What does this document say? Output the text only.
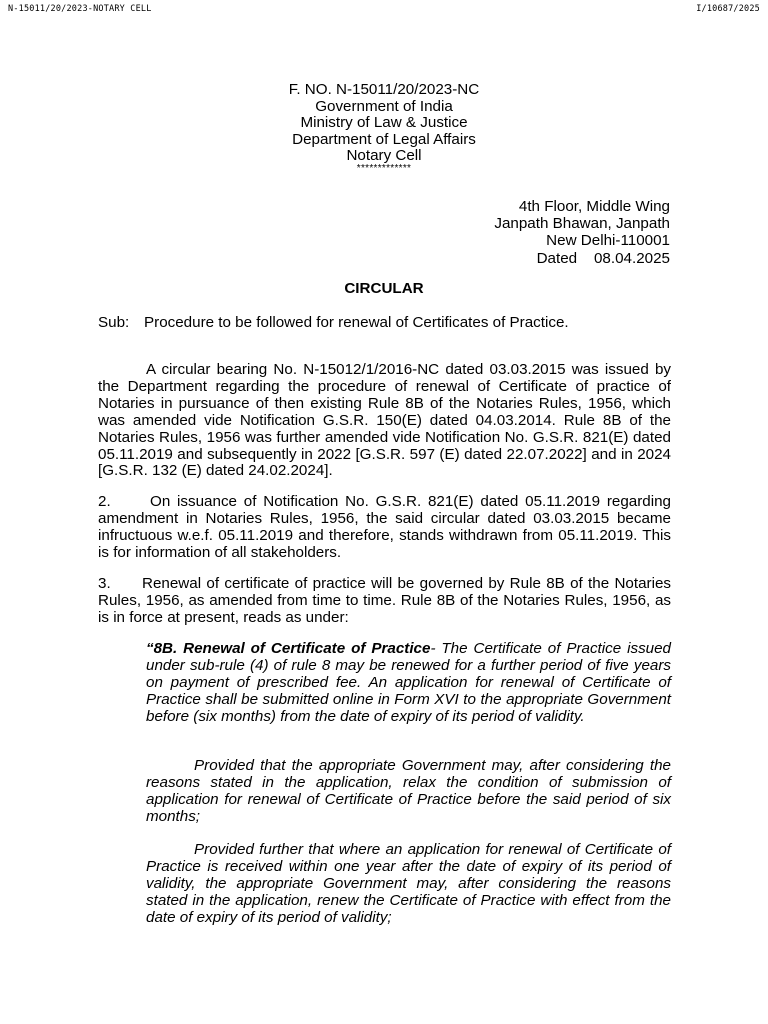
N-15011/20/2023-NOTARY CELL	I/10687/2025
F. NO. N-15011/20/2023-NC
Government of India
Ministry of Law & Justice
Department of Legal Affairs
Notary Cell
*************
4th Floor, Middle Wing
Janpath Bhawan, Janpath
New Delhi-110001
Dated    08.04.2025
CIRCULAR
Sub: Procedure to be followed for renewal of Certificates of Practice.
A circular bearing No. N-15012/1/2016-NC dated 03.03.2015 was issued by the Department regarding the procedure of renewal of Certificate of practice of Notaries in pursuance of then existing Rule 8B of the Notaries Rules, 1956, which was amended vide Notification G.S.R. 150(E) dated 04.03.2014. Rule 8B of the Notaries Rules, 1956 was further amended vide Notification No. G.S.R. 821(E) dated 05.11.2019 and subsequently in 2022 [G.S.R. 597 (E) dated 22.07.2022] and in 2024 [G.S.R. 132 (E) dated 24.02.2024].
2.	On issuance of Notification No. G.S.R. 821(E) dated 05.11.2019 regarding amendment in Notaries Rules, 1956, the said circular dated 03.03.2015 became infructuous w.e.f. 05.11.2019 and therefore, stands withdrawn from 05.11.2019. This is for information of all stakeholders.
3. Renewal of certificate of practice will be governed by Rule 8B of the Notaries Rules, 1956, as amended from time to time. Rule 8B of the Notaries Rules, 1956, as is in force at present, reads as under:
“8B. Renewal of Certificate of Practice- The Certificate of Practice issued under sub-rule (4) of rule 8 may be renewed for a further period of five years on payment of prescribed fee. An application for renewal of Certificate of Practice shall be submitted online in Form XVI to the appropriate Government before (six months) from the date of expiry of its period of validity.
Provided that the appropriate Government may, after considering the reasons stated in the application, relax the condition of submission of application for renewal of Certificate of Practice before the said period of six months;
Provided further that where an application for renewal of Certificate of Practice is received within one year after the date of expiry of its period of validity, the appropriate Government may, after considering the reasons stated in the application, renew the Certificate of Practice with effect from the date of expiry of its period of validity;
